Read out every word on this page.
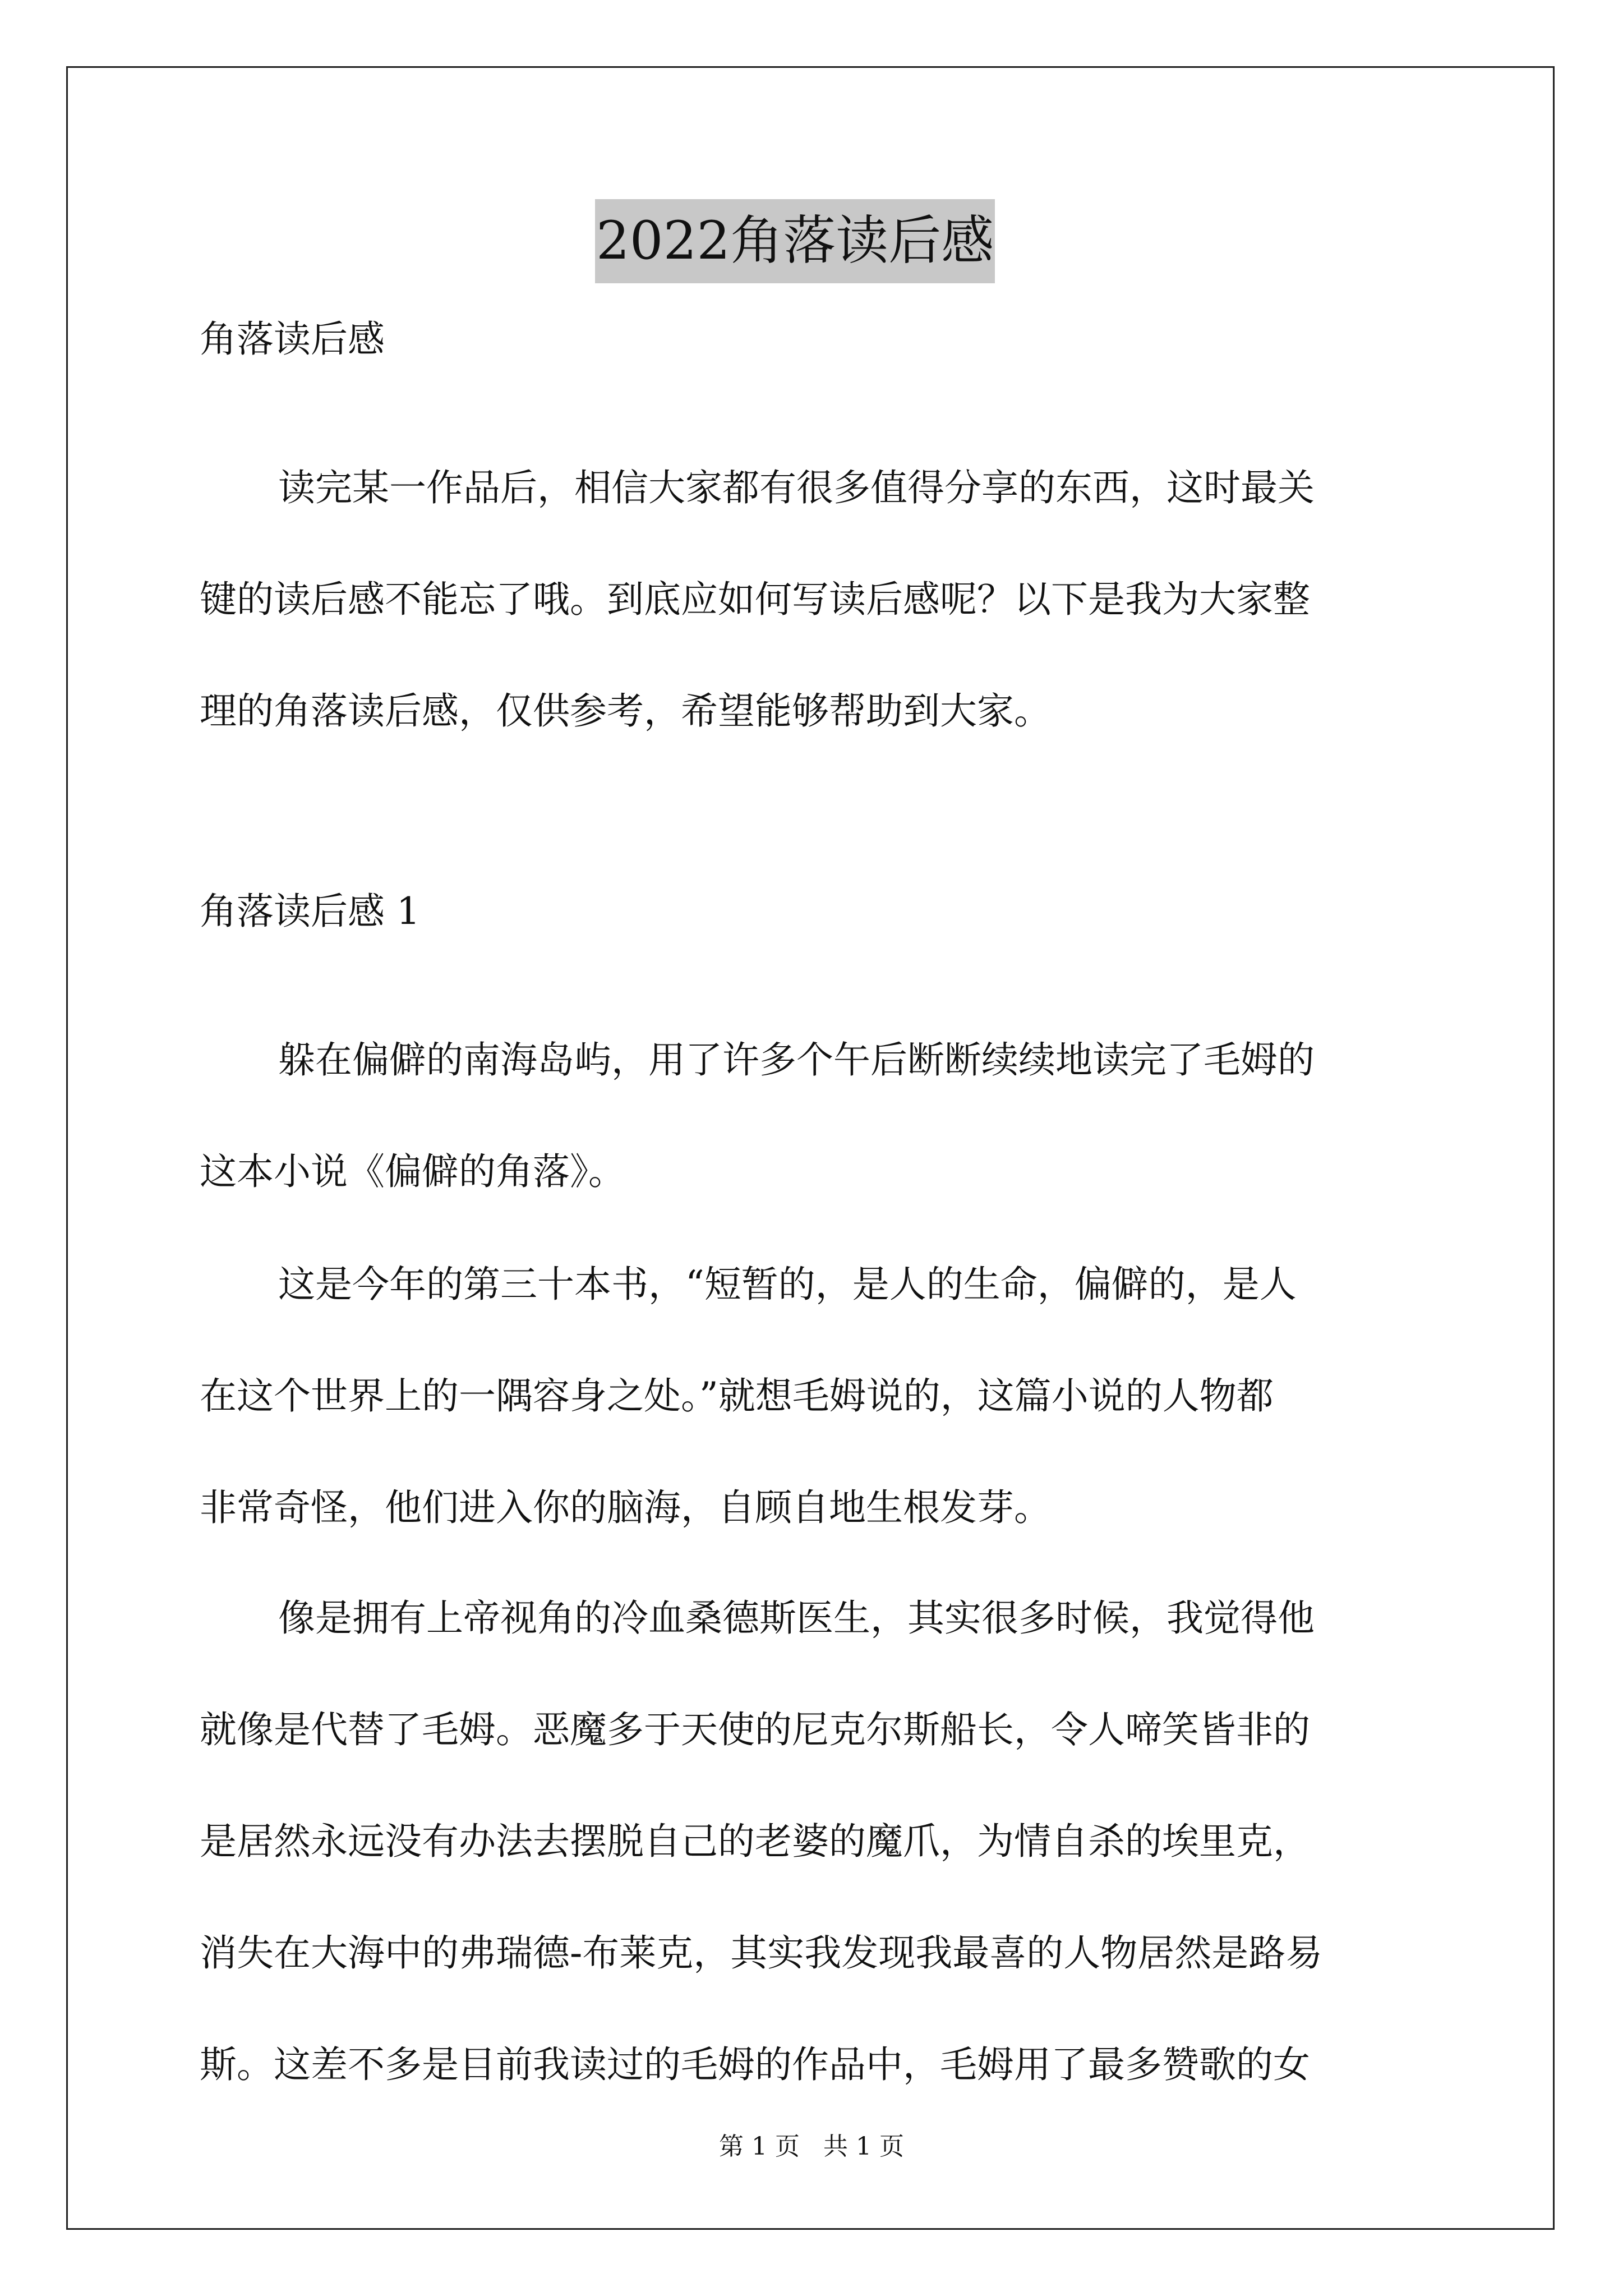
2022角落读后感
角落读后感
读完某一作品后，相信大家都有很多值得分享的东西，这时最关
键的读后感不能忘了哦。到底应如何写读后感呢？以下是我为大家整
理的角落读后感，仅供参考，希望能够帮助到大家。
角落读后感 1
躲在偏僻的南海岛屿，用了许多个午后断断续续地读完了毛姆的
这本小说《偏僻的角落》。
这是今年的第三十本书，“短暂的，是人的生命，偏僻的，是人
在这个世界上的一隅容身之处。”就想毛姆说的，这篇小说的人物都
非常奇怪，他们进入你的脑海，自顾自地生根发芽。
像是拥有上帝视角的冷血桑德斯医生，其实很多时候，我觉得他
就像是代替了毛姆。恶魔多于天使的尼克尔斯船长，令人啼笑皆非的
是居然永远没有办法去摆脱自己的老婆的魔爪，为情自杀的埃里克，
消失在大海中的弗瑞德-布莱克，其实我发现我最喜的人物居然是路易
斯。这差不多是目前我读过的毛姆的作品中，毛姆用了最多赞歌的女
第 1 页   共 1 页
